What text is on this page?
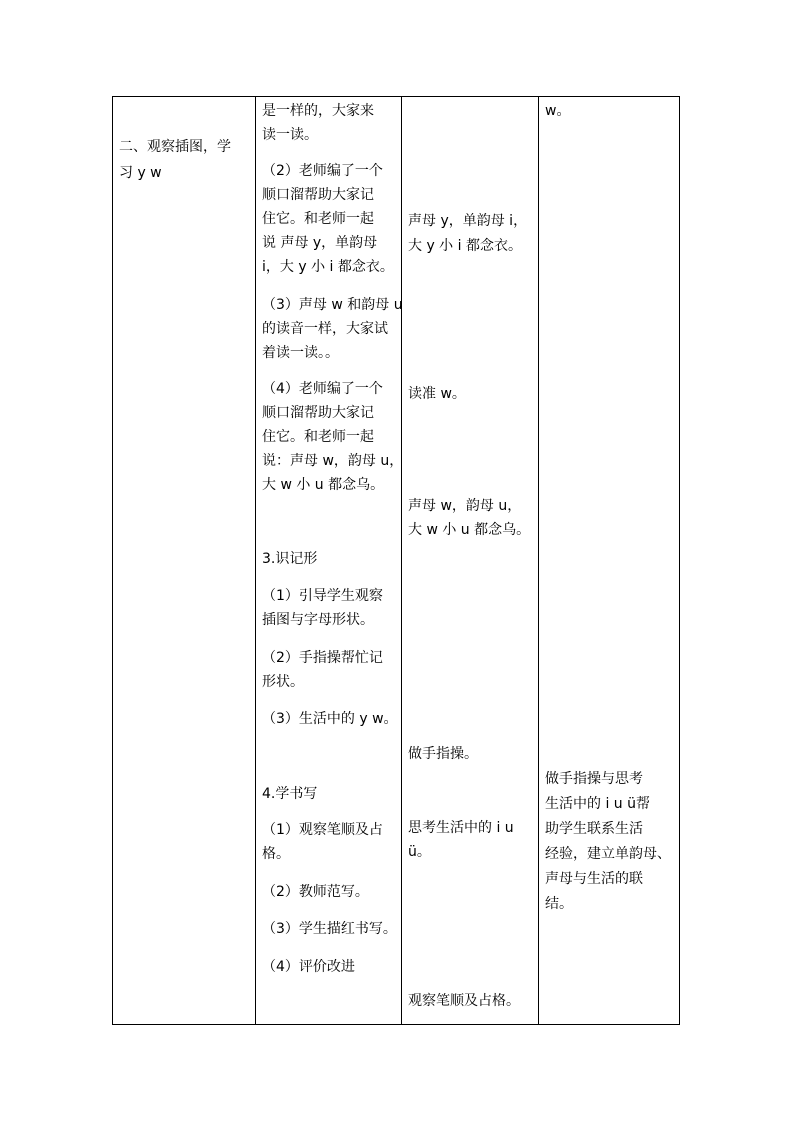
二、观察插图，学
习 y w
是一样的，大家来
读一读。
（2）老师编了一个
顺口溜帮助大家记
住它。和老师一起
说 声母 y，单韵母
i，大 y 小 i 都念衣。
（3）声母 w 和韵母 u
的读音一样，大家试
着读一读。。
（4）老师编了一个
顺口溜帮助大家记
住它。和老师一起
说：声母 w，韵母 u，
大 w 小 u 都念乌。
3.识记形
（1）引导学生观察
插图与字母形状。
（2）手指操帮忙记
形状。
（3）生活中的 y w。
4.学书写
（1）观察笔顺及占
格。
（2）教师范写。
（3）学生描红书写。
（4）评价改进
声母 y，单韵母 i，
大 y 小 i 都念衣。
读准 w。
声母 w，韵母 u，
大 w 小 u 都念乌。
做手指操。
思考生活中的 i u
ü。
观察笔顺及占格。
w。
做手指操与思考
生活中的 i u ü帮
助学生联系生活
经验，建立单韵母、
声母与生活的联
结。
